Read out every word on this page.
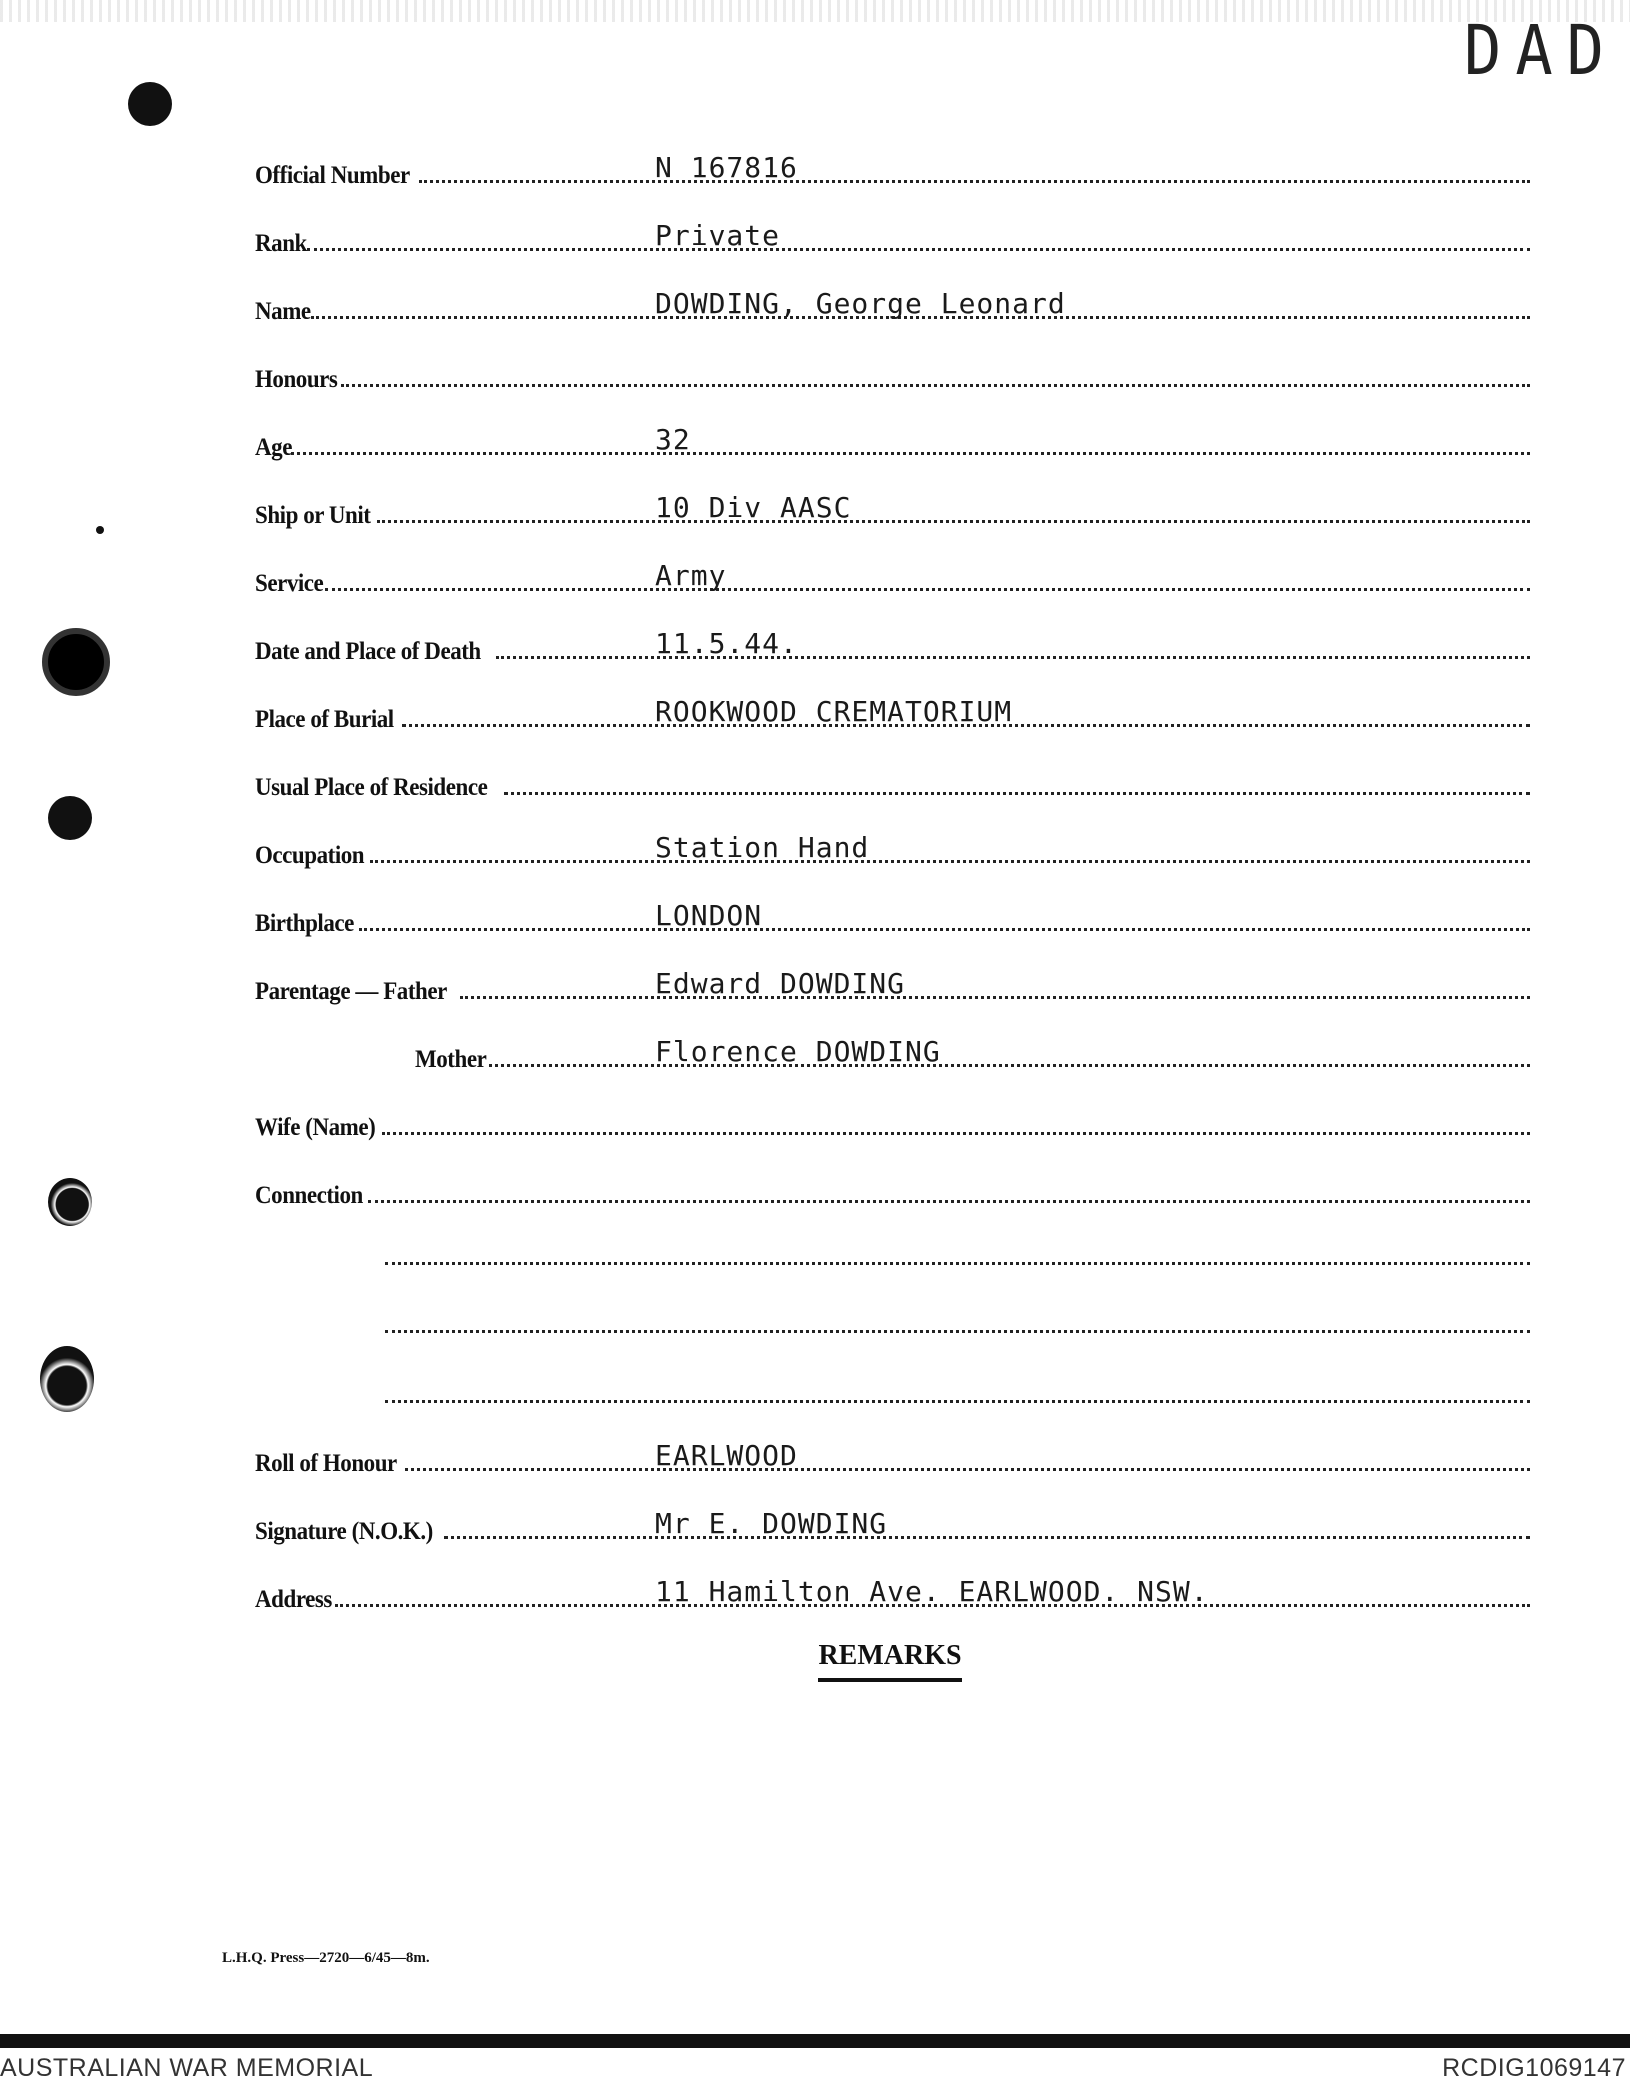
DAD
Official Number	N 167816
Rank	Private
Name	DOWDING, George Leonard
Honours
Age	32
Ship or Unit	10 Div AASC
Service	Army
Date and Place of Death	11.5.44.
Place of Burial	ROOKWOOD CREMATORIUM
Usual Place of Residence
Occupation	Station Hand
Birthplace	LONDON
Parentage — Father	Edward DOWDING
Mother	Florence DOWDING
Wife (Name)
Connection
Roll of Honour	EARLWOOD
Signature (N.O.K.)	Mr E. DOWDING
Address	11 Hamilton Ave. EARLWOOD. NSW.
REMARKS
L.H.Q. Press—2720—6/45—8m.
AUSTRALIAN WAR MEMORIAL	RCDIG1069147
